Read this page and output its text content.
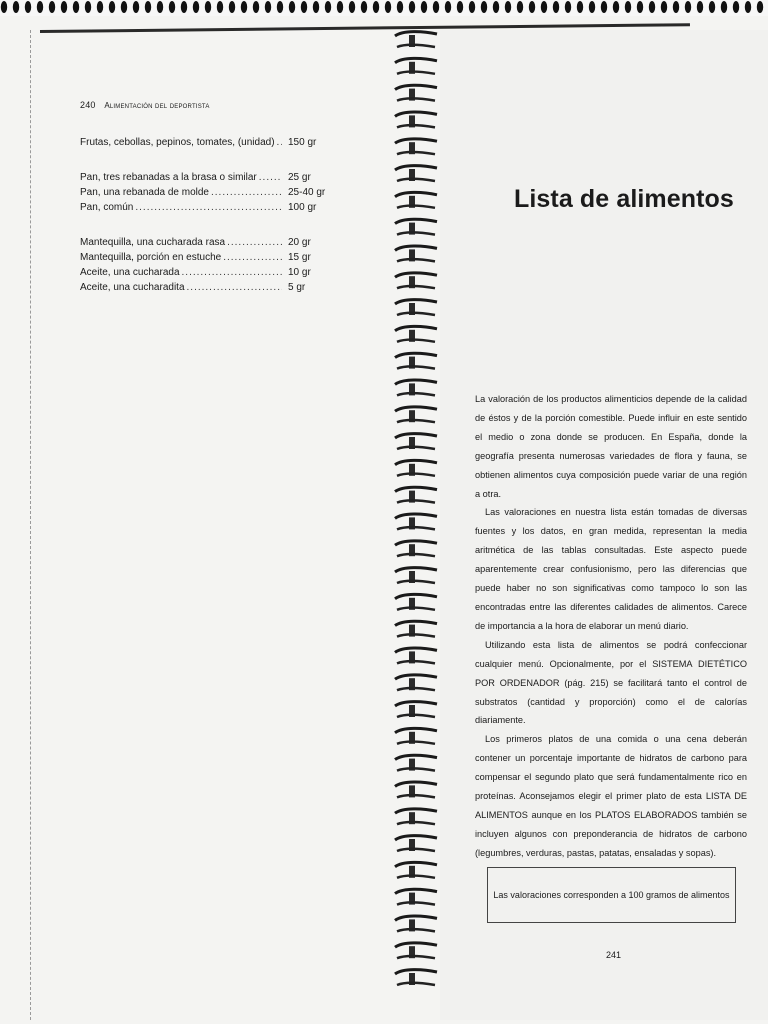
240 Alimentación del deportista
Frutas, cebollas, pepinos, tomates, (unidad) .....	150 gr
Pan, tres rebanadas a la brasa o similar .....	25 gr
Pan, una rebanada de molde .....	25-40 gr
Pan, común .....	100 gr
Mantequilla, una cucharada rasa .....	20 gr
Mantequilla, porción en estuche .....	15 gr
Aceite, una cucharada .....	10 gr
Aceite, una cucharadita .....	5 gr
Lista de alimentos

La valoración de los productos alimenticios depende de la calidad de éstos y de la porción comestible. Puede influir en este sentido el medio o zona donde se producen. En España, donde la geografía presenta numerosas variedades de flora y fauna, se obtienen alimentos cuya composición puede variar de una región a otra.

Las valoraciones en nuestra lista están tomadas de diversas fuentes y los datos, en gran medida, representan la media aritmética de las tablas consultadas. Este aspecto puede aparentemente crear confusionismo, pero las diferencias que puede haber no son significativas como tampoco lo son las encontradas entre las diferentes calidades de alimentos. Carece de importancia a la hora de elaborar un menú diario.

Utilizando esta lista de alimentos se podrá confeccionar cualquier menú. Opcionalmente, por el SISTEMA DIETÉTICO POR ORDENADOR (pág. 215) se facilitará tanto el control de substratos (cantidad y proporción) como el de calorías diariamente.

Los primeros platos de una comida o una cena deberán contener un porcentaje importante de hidratos de carbono para compensar el segundo plato que será fundamentalmente rico en proteínas. Aconsejamos elegir el primer plato de esta LISTA DE ALIMENTOS aunque en los PLATOS ELABORADOS también se incluyen algunos con preponderancia de hidratos de carbono (legumbres, verduras, pastas, patatas, ensaladas y sopas).

Las valoraciones corresponden a 100 gramos de alimentos
241
